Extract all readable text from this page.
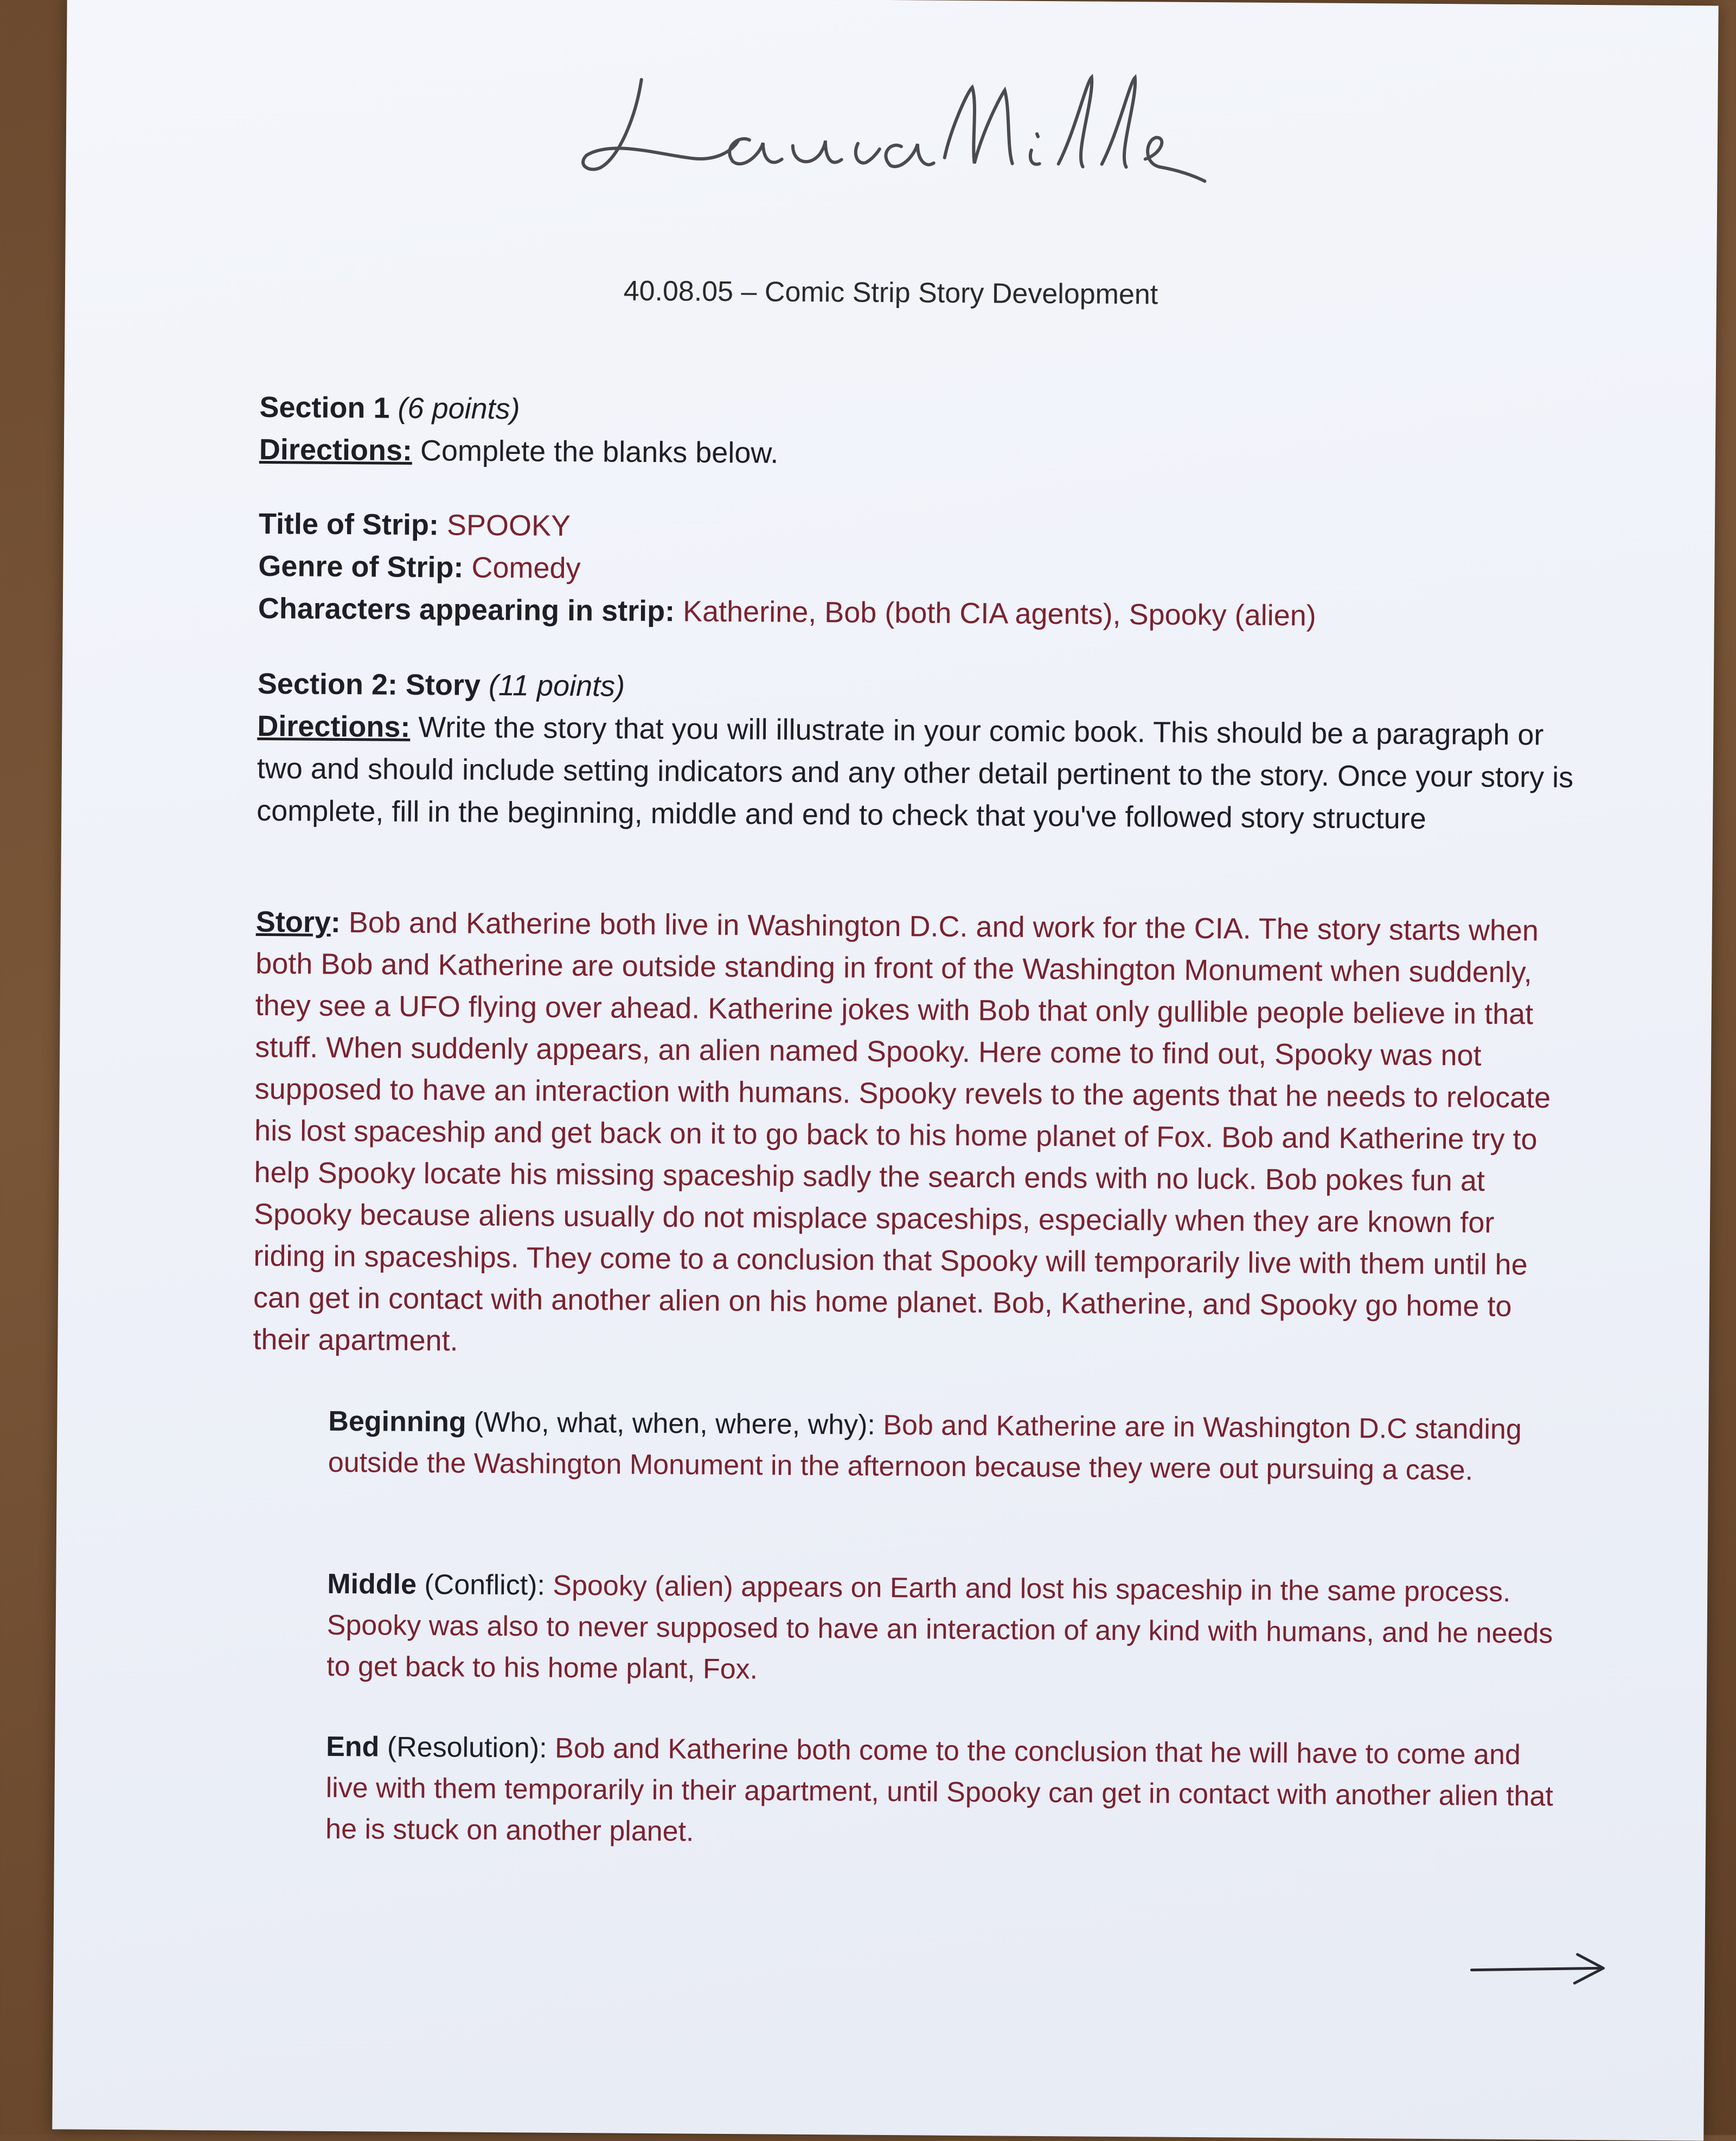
40.08.05 – Comic Strip Story Development

Section 1 (6 points)

Directions: Complete the blanks below.

Title of Strip: SPOOKY

Genre of Strip: Comedy

Characters appearing in strip: Katherine, Bob (both CIA agents), Spooky (alien)

Section 2: Story (11 points)

Directions: Write the story that you will illustrate in your comic book. This should be a paragraph or two and should include setting indicators and any other detail pertinent to the story. Once your story is complete, fill in the beginning, middle and end to check that you've followed story structure

Story: Bob and Katherine both live in Washington D.C. and work for the CIA. The story starts when both Bob and Katherine are outside standing in front of the Washington Monument when suddenly, they see a UFO flying over ahead. Katherine jokes with Bob that only gullible people believe in that stuff. When suddenly appears, an alien named Spooky. Here come to find out, Spooky was not supposed to have an interaction with humans. Spooky revels to the agents that he needs to relocate his lost spaceship and get back on it to go back to his home planet of Fox. Bob and Katherine try to help Spooky locate his missing spaceship sadly the search ends with no luck. Bob pokes fun at Spooky because aliens usually do not misplace spaceships, especially when they are known for riding in spaceships. They come to a conclusion that Spooky will temporarily live with them until he can get in contact with another alien on his home planet. Bob, Katherine, and Spooky go home to their apartment.

Beginning (Who, what, when, where, why): Bob and Katherine are in Washington D.C standing outside the Washington Monument in the afternoon because they were out pursuing a case.

Middle (Conflict): Spooky (alien) appears on Earth and lost his spaceship in the same process. Spooky was also to never supposed to have an interaction of any kind with humans, and he needs to get back to his home plant, Fox.

End (Resolution): Bob and Katherine both come to the conclusion that he will have to come and live with them temporarily in their apartment, until Spooky can get in contact with another alien that he is stuck on another planet.
